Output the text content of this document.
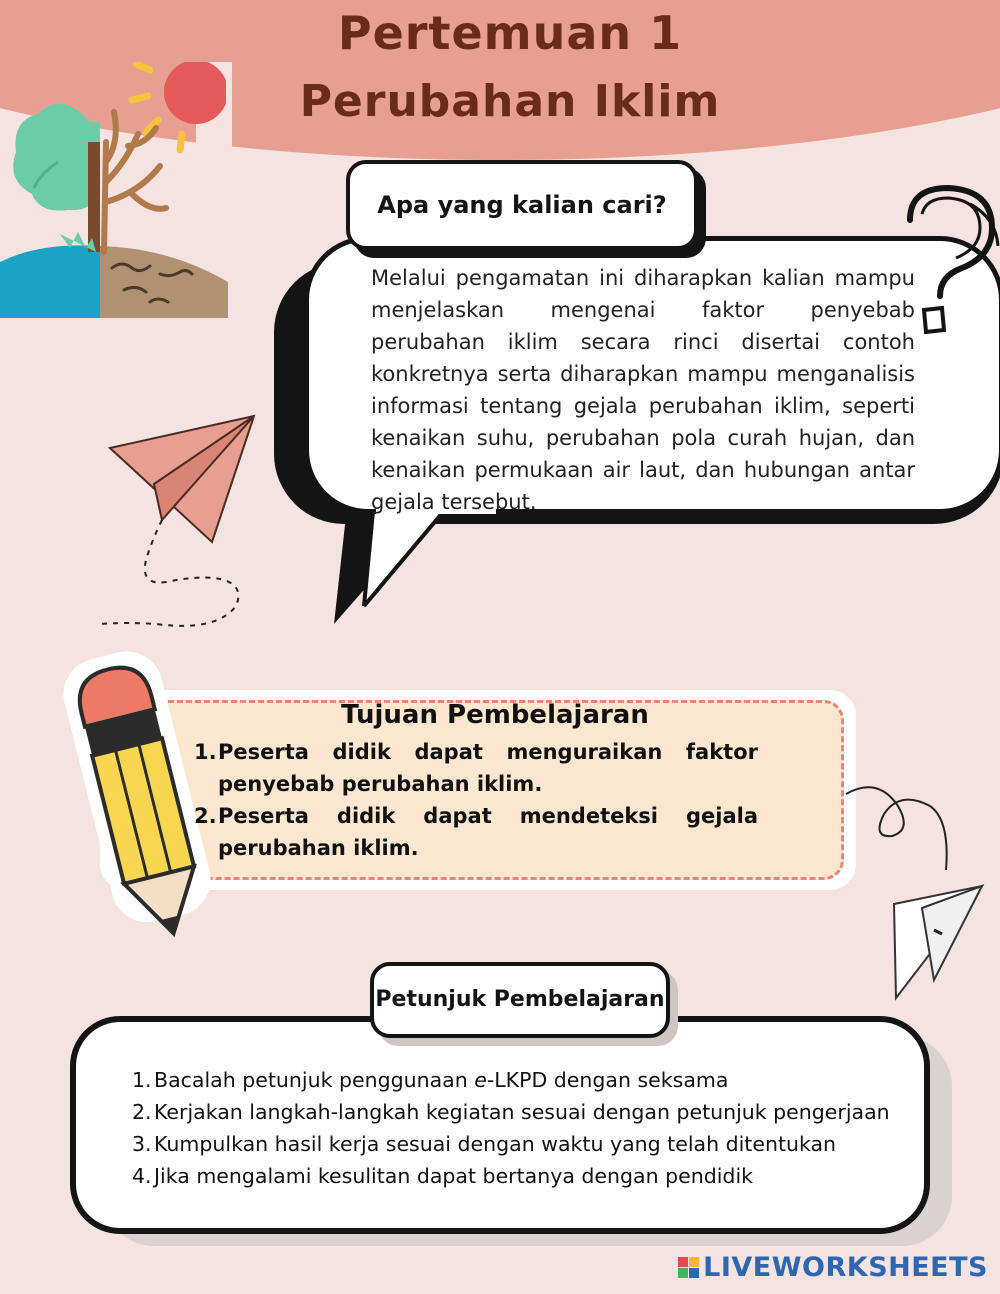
Pertemuan 1
Perubahan Iklim
Apa yang kalian cari?

Melalui pengamatan ini diharapkan kalian mampu menjelaskan mengenai faktor penyebab perubahan iklim secara rinci disertai contoh konkretnya serta diharapkan mampu menganalisis informasi tentang gejala perubahan iklim, seperti kenaikan suhu, perubahan pola curah hujan, dan kenaikan permukaan air laut, dan hubungan antar gejala tersebut.

Tujuan Pembelajaran
1. Peserta didik dapat menguraikan faktor penyebab perubahan iklim.
2. Peserta didik dapat mendeteksi gejala perubahan iklim.
Petunjuk Pembelajaran
1. Bacalah petunjuk penggunaan e-LKPD dengan seksama
2. Kerjakan langkah-langkah kegiatan sesuai dengan petunjuk pengerjaan
3. Kumpulkan hasil kerja sesuai dengan waktu yang telah ditentukan
4. Jika mengalami kesulitan dapat bertanya dengan pendidik
LIVEWORKSHEETS
